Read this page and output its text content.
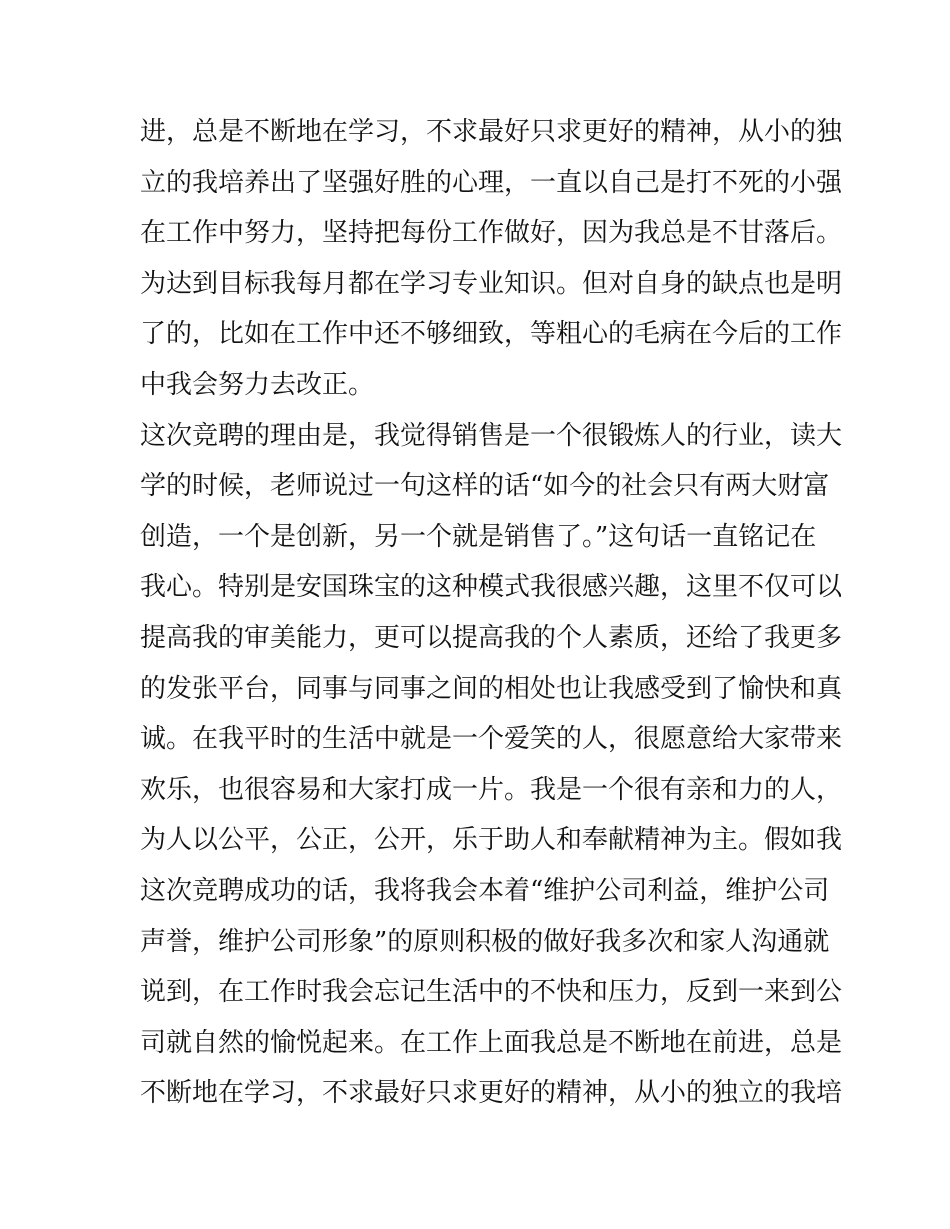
进，总是不断地在学习，不求最好只求更好的精神，从小的独
立的我培养出了坚强好胜的心理，一直以自己是打不死的小强
在工作中努力，坚持把每份工作做好，因为我总是不甘落后。
为达到目标我每月都在学习专业知识。但对自身的缺点也是明
了的，比如在工作中还不够细致，等粗心的毛病在今后的工作
中我会努力去改正。
这次竞聘的理由是，我觉得销售是一个很锻炼人的行业，读大
学的时候，老师说过一句这样的话“如今的社会只有两大财富
创造，一个是创新，另一个就是销售了。”这句话一直铭记在
我心。特别是安国珠宝的这种模式我很感兴趣，这里不仅可以
提高我的审美能力，更可以提高我的个人素质，还给了我更多
的发张平台，同事与同事之间的相处也让我感受到了愉快和真
诚。在我平时的生活中就是一个爱笑的人，很愿意给大家带来
欢乐，也很容易和大家打成一片。我是一个很有亲和力的人，
为人以公平，公正，公开，乐于助人和奉献精神为主。假如我
这次竞聘成功的话，我将我会本着“维护公司利益，维护公司
声誉，维护公司形象”的原则积极的做好我多次和家人沟通就
说到，在工作时我会忘记生活中的不快和压力，反到一来到公
司就自然的愉悦起来。在工作上面我总是不断地在前进，总是
不断地在学习，不求最好只求更好的精神，从小的独立的我培
